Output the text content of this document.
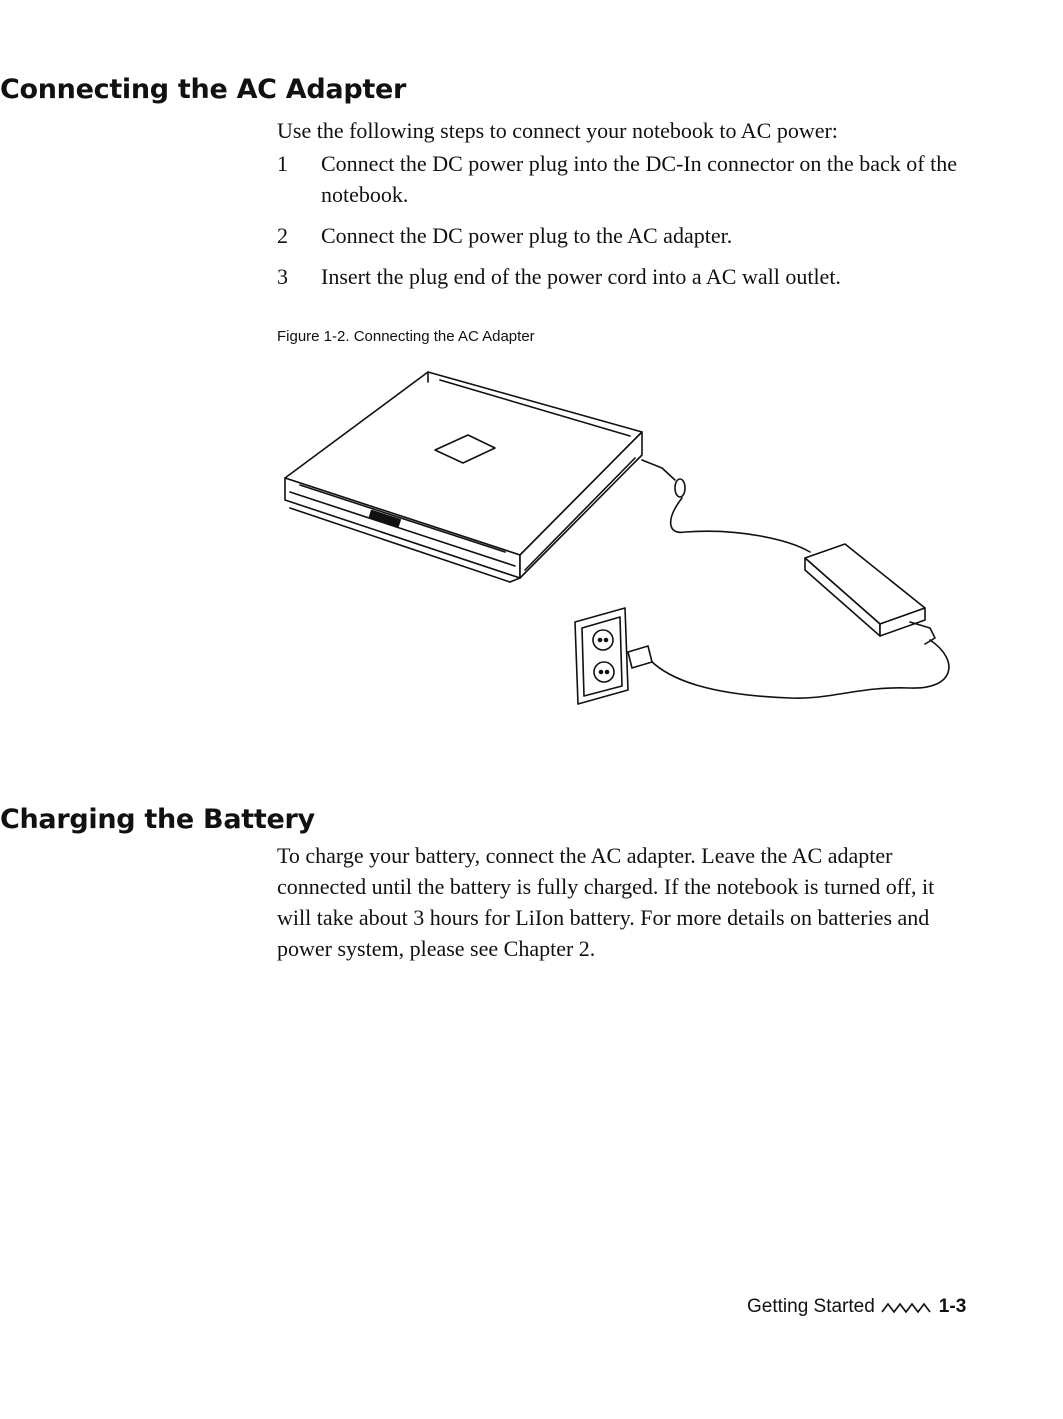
Connecting the AC Adapter
Use the following steps to connect your notebook to AC power:
1	Connect the DC power plug into the DC-In connector on the back of the notebook.
2	Connect the DC power plug to the AC adapter.
3	Insert the plug end of the power cord into a AC wall outlet.
Figure 1-2. Connecting the AC Adapter
Charging the Battery
To charge your battery, connect the AC adapter. Leave the AC adapter connected until the battery is fully charged. If the notebook is turned off, it will take about 3 hours for LiIon battery. For more details on batteries and power system, please see Chapter 2.
Getting Started	1-3
